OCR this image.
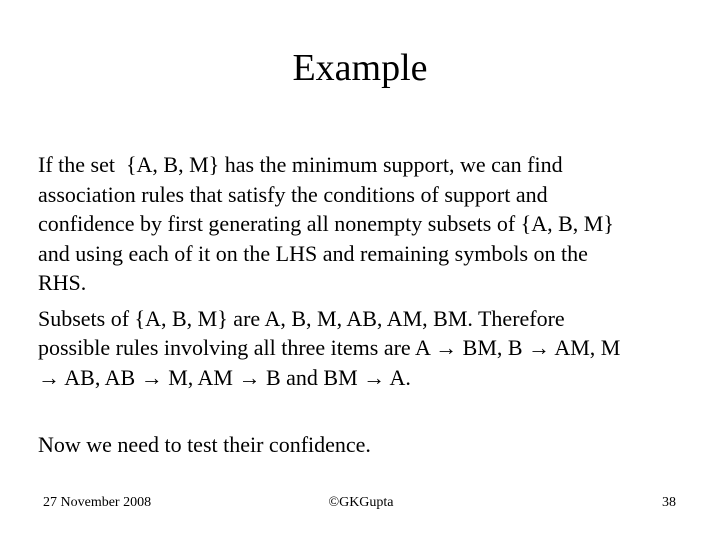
Example

If the set  {A, B, M} has the minimum support, we can find
association rules that satisfy the conditions of support and
confidence by first generating all nonempty subsets of {A, B, M}
and using each of it on the LHS and remaining symbols on the
RHS.

Subsets of {A, B, M} are A, B, M, AB, AM, BM. Therefore
possible rules involving all three items are A → BM, B → AM, M
→ AB, AB → M, AM → B and BM → A.

Now we need to test their confidence.

27 November 2008	©GKGupta	38
